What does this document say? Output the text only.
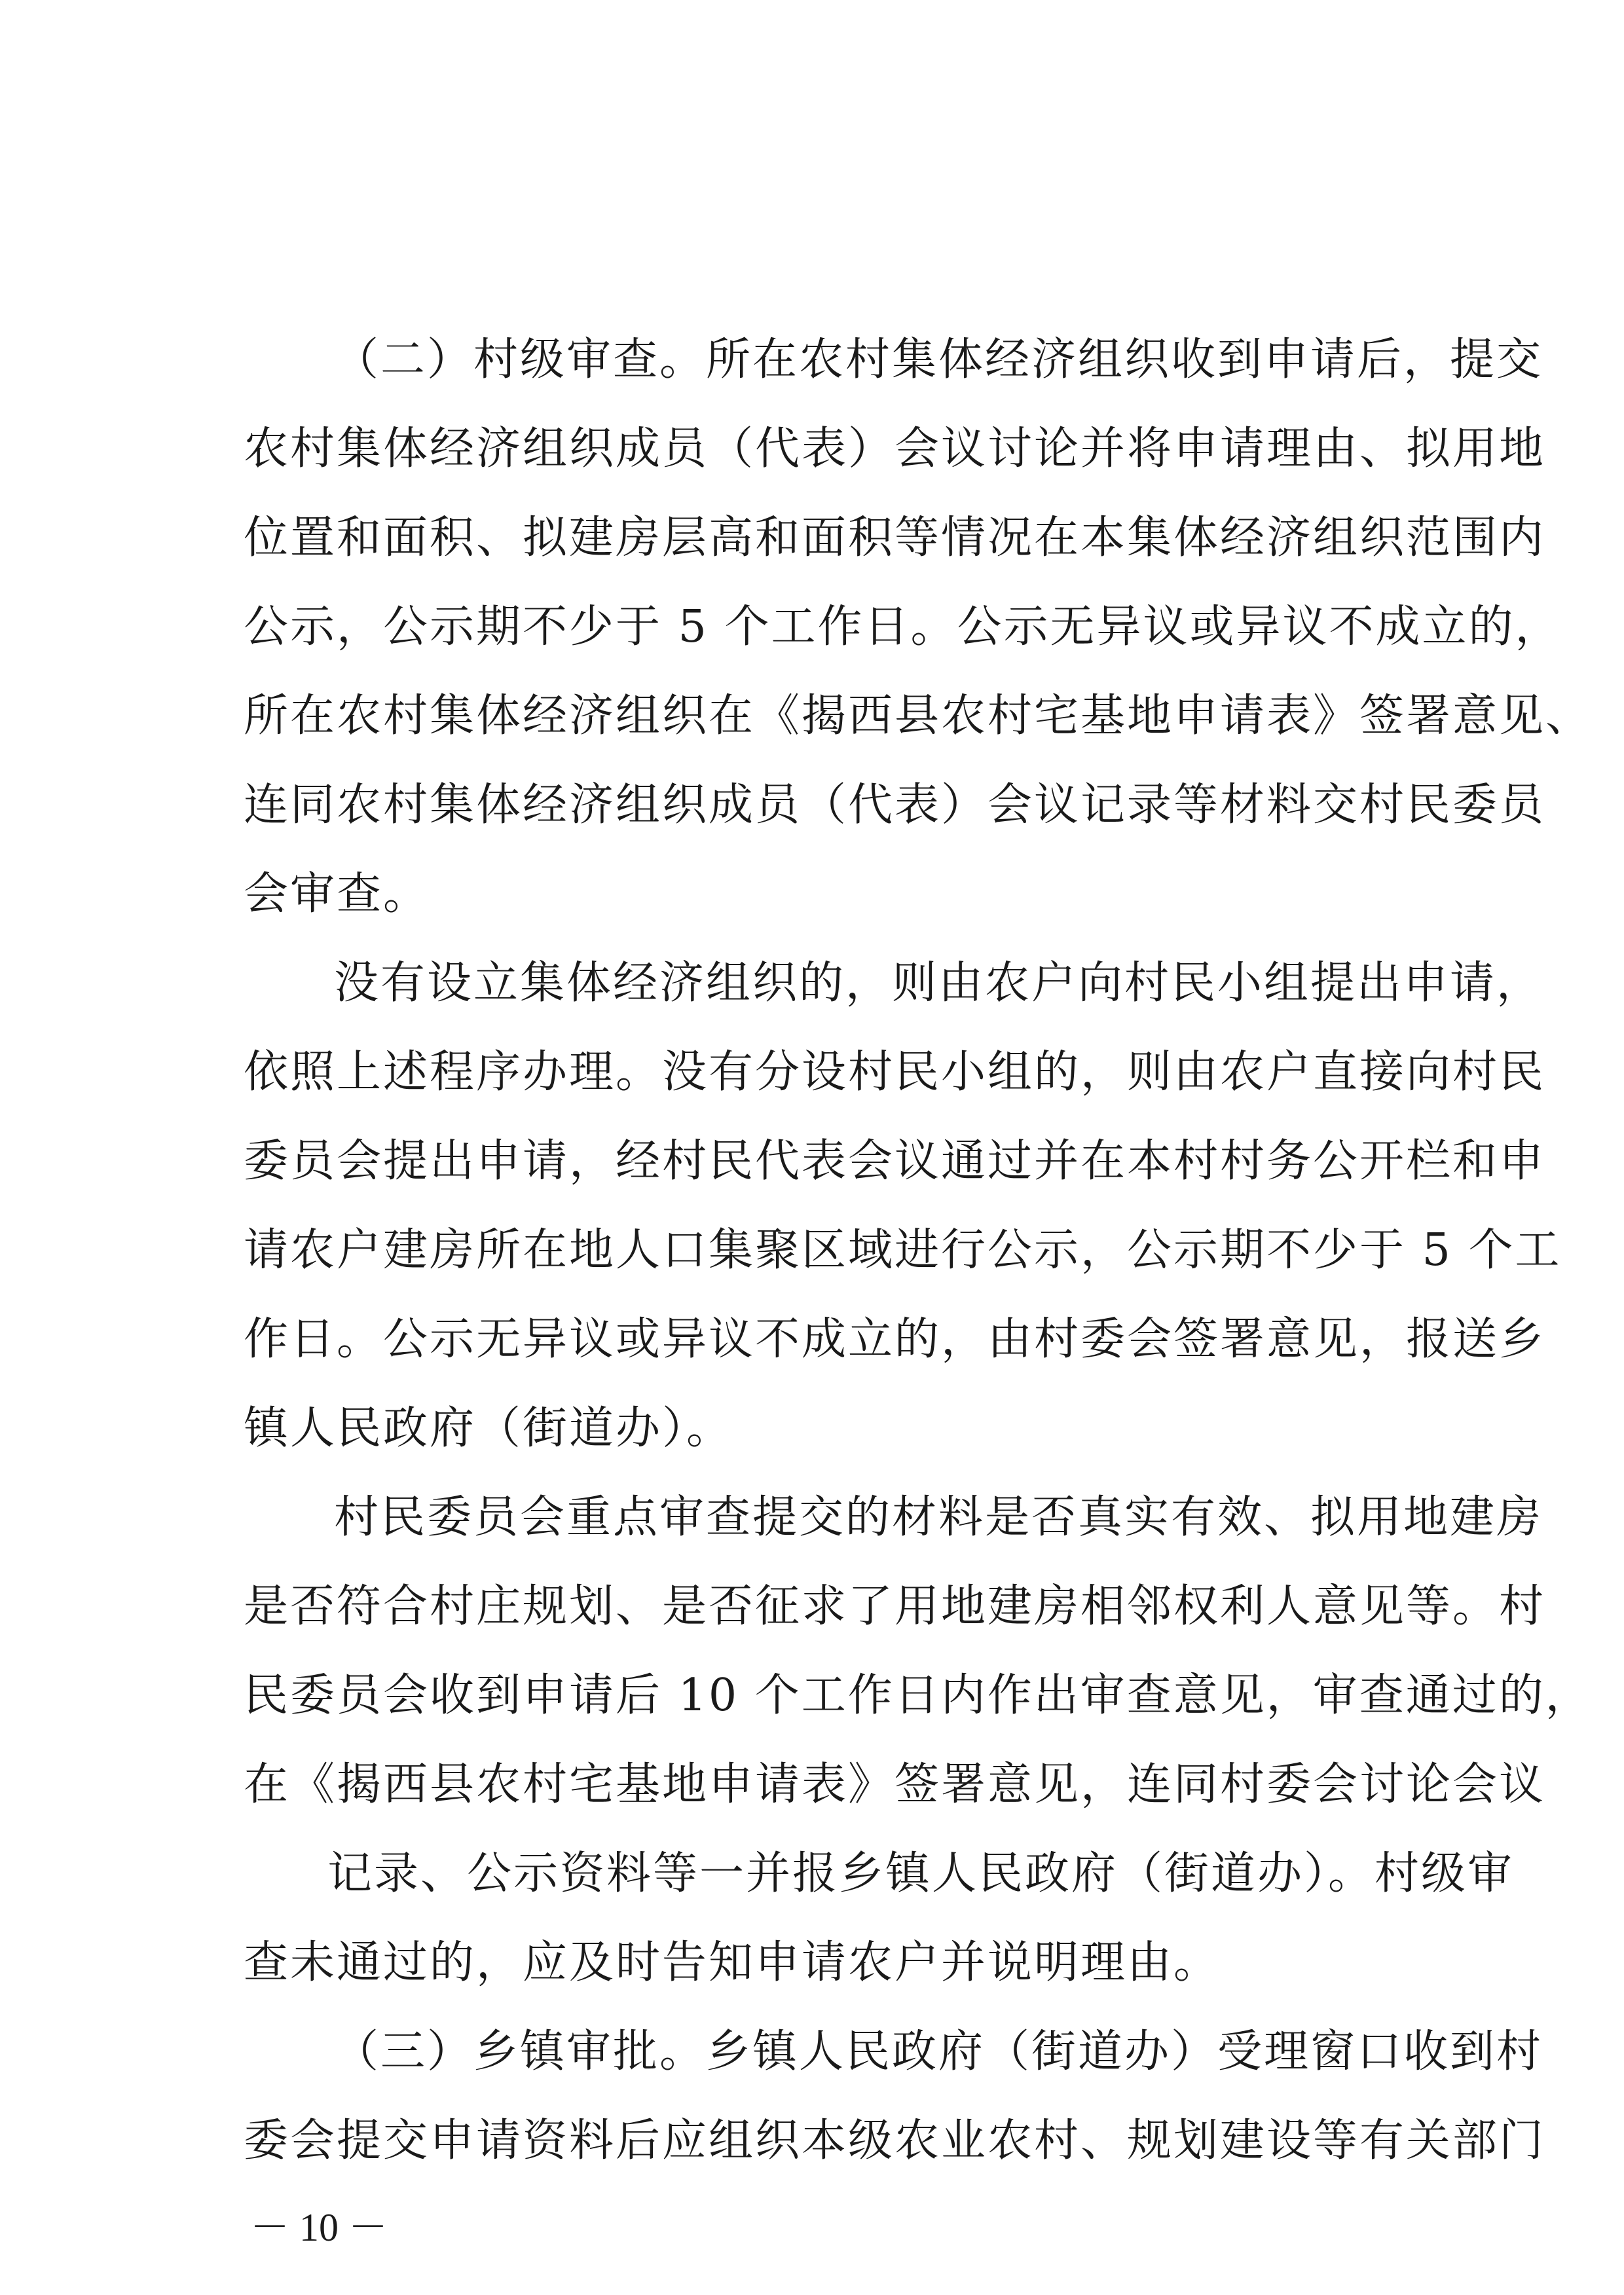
（二）村级审查。所在农村集体经济组织收到申请后，提交
农村集体经济组织成员（代表）会议讨论并将申请理由、拟用地
位置和面积、拟建房层高和面积等情况在本集体经济组织范围内
公示，公示期不少于 5 个工作日。公示无异议或异议不成立的，
所在农村集体经济组织在《揭西县农村宅基地申请表》签署意见、
连同农村集体经济组织成员（代表）会议记录等材料交村民委员
会审查。
没有设立集体经济组织的，则由农户向村民小组提出申请，
依照上述程序办理。没有分设村民小组的，则由农户直接向村民
委员会提出申请，经村民代表会议通过并在本村村务公开栏和申
请农户建房所在地人口集聚区域进行公示，公示期不少于 5 个工
作日。公示无异议或异议不成立的，由村委会签署意见，报送乡
镇人民政府（街道办）。
村民委员会重点审查提交的材料是否真实有效、拟用地建房
是否符合村庄规划、是否征求了用地建房相邻权利人意见等。村
民委员会收到申请后 10 个工作日内作出审查意见，审查通过的，
在《揭西县农村宅基地申请表》签署意见，连同村委会讨论会议
记录、公示资料等一并报乡镇人民政府（街道办）。村级审
查未通过的，应及时告知申请农户并说明理由。
（三）乡镇审批。乡镇人民政府（街道办）受理窗口收到村
委会提交申请资料后应组织本级农业农村、规划建设等有关部门
－ 10 －
